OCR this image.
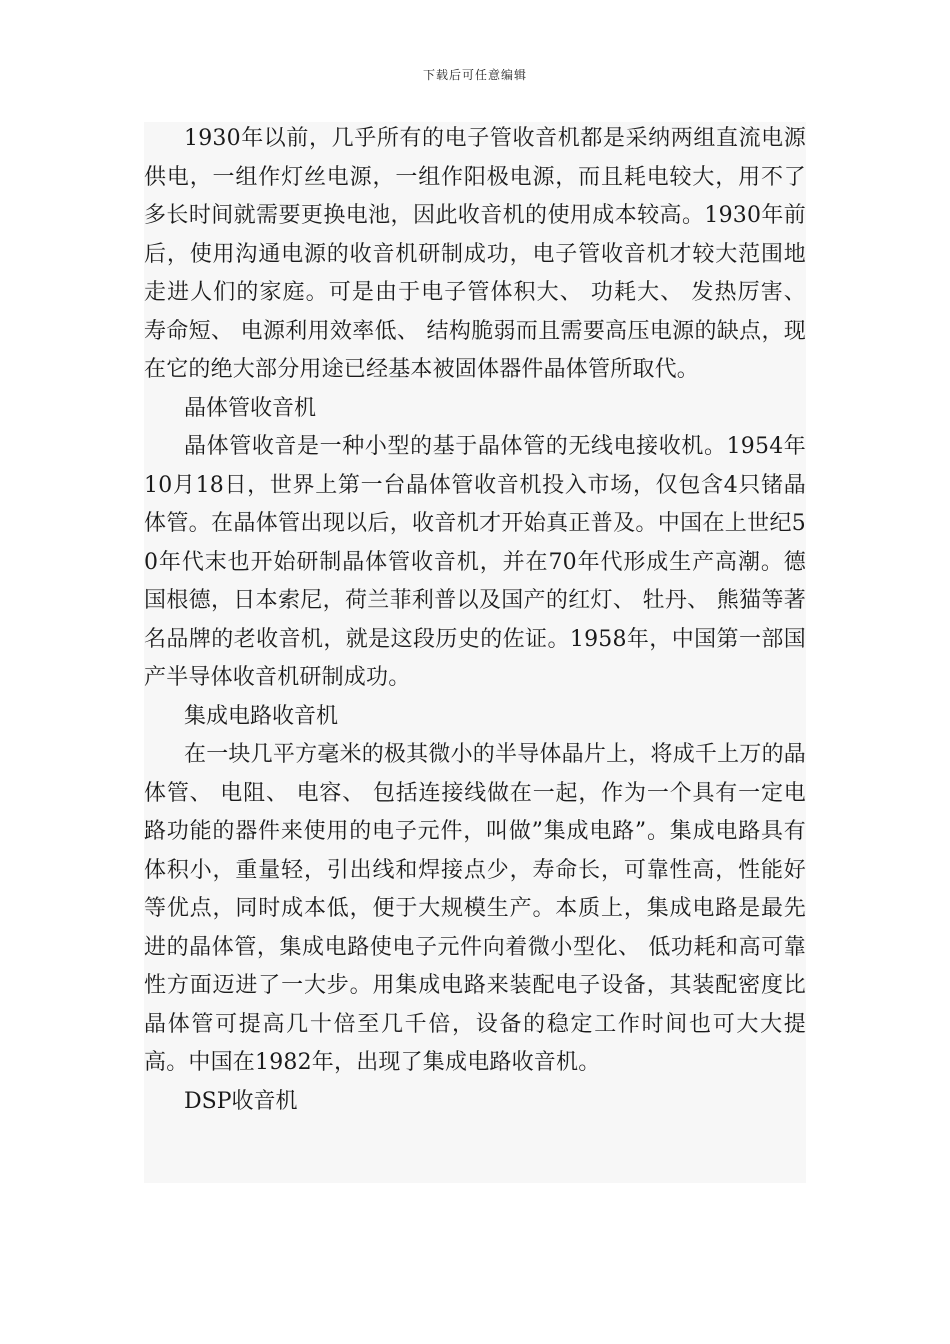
下载后可任意编辑

1930年以前，几乎所有的电子管收音机都是采纳两组直流电源供电，一组作灯丝电源，一组作阳极电源，而且耗电较大，用不了多长时间就需要更换电池，因此收音机的使用成本较高。1930年前后，使用沟通电源的收音机研制成功，电子管收音机才较大范围地走进人们的家庭。可是由于电子管体积大、 功耗大、 发热厉害、 寿命短、 电源利用效率低、 结构脆弱而且需要高压电源的缺点，现在它的绝大部分用途已经基本被固体器件晶体管所取代。

晶体管收音机

晶体管收音是一种小型的基于晶体管的无线电接收机。1954年10月18日，世界上第一台晶体管收音机投入市场，仅包含4只锗晶体管。在晶体管出现以后，收音机才开始真正普及。中国在上世纪50年代末也开始研制晶体管收音机，并在70年代形成生产高潮。德国根德，日本索尼，荷兰菲利普以及国产的红灯、 牡丹、 熊猫等著名品牌的老收音机，就是这段历史的佐证。1958年，中国第一部国产半导体收音机研制成功。

集成电路收音机

在一块几平方毫米的极其微小的半导体晶片上，将成千上万的晶体管、 电阻、 电容、 包括连接线做在一起，作为一个具有一定电路功能的器件来使用的电子元件，叫做”集成电路”。集成电路具有体积小，重量轻，引出线和焊接点少，寿命长，可靠性高，性能好等优点，同时成本低，便于大规模生产。本质上，集成电路是最先进的晶体管，集成电路使电子元件向着微小型化、 低功耗和高可靠性方面迈进了一大步。用集成电路来装配电子设备，其装配密度比晶体管可提高几十倍至几千倍，设备的稳定工作时间也可大大提高。中国在1982年，出现了集成电路收音机。

DSP收音机
